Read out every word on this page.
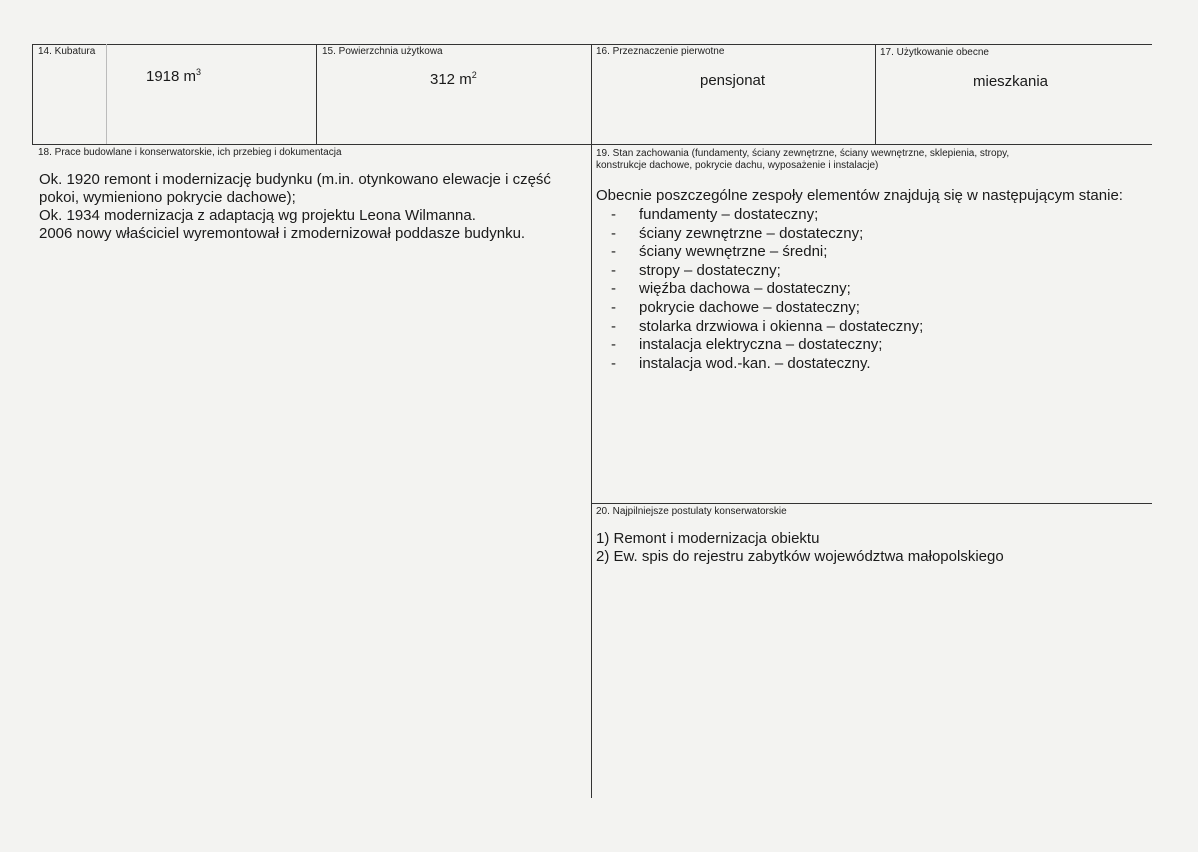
14. Kubatura
1918 $m^3$
15. Powierzchnia użytkowa
312 $m^2$
16. Przeznaczenie pierwotne
pensjonat
17. Użytkowanie obecne
mieszkania
18. Prace budowlane i konserwatorskie, ich przebieg i dokumentacja
Ok. 1920 remont i modernizację budynku (m.in. otynkowano elewacje i część
pokoi, wymieniono pokrycie dachowe);
Ok. 1934 modernizacja z adaptacją wg projektu Leona Wilmanna.
2006 nowy właściciel wyremontował i zmodernizował poddasze budynku.
19. Stan zachowania (fundamenty, ściany zewnętrzne, ściany wewnętrzne, sklepienia, stropy,
konstrukcje dachowe, pokrycie dachu, wyposażenie i instalacje)
Obecnie poszczególne zespoły elementów znajdują się w następującym stanie:
- fundamenty – dostateczny;
- ściany zewnętrzne – dostateczny;
- ściany wewnętrzne – średni;
- stropy – dostateczny;
- więźba dachowa – dostateczny;
- pokrycie dachowe – dostateczny;
- stolarka drzwiowa i okienna – dostateczny;
- instalacja elektryczna – dostateczny;
- instalacja wod.-kan. – dostateczny.
20. Najpilniejsze postulaty konserwatorskie
1) Remont i modernizacja obiektu
2) Ew. spis do rejestru zabytków województwa małopolskiego
